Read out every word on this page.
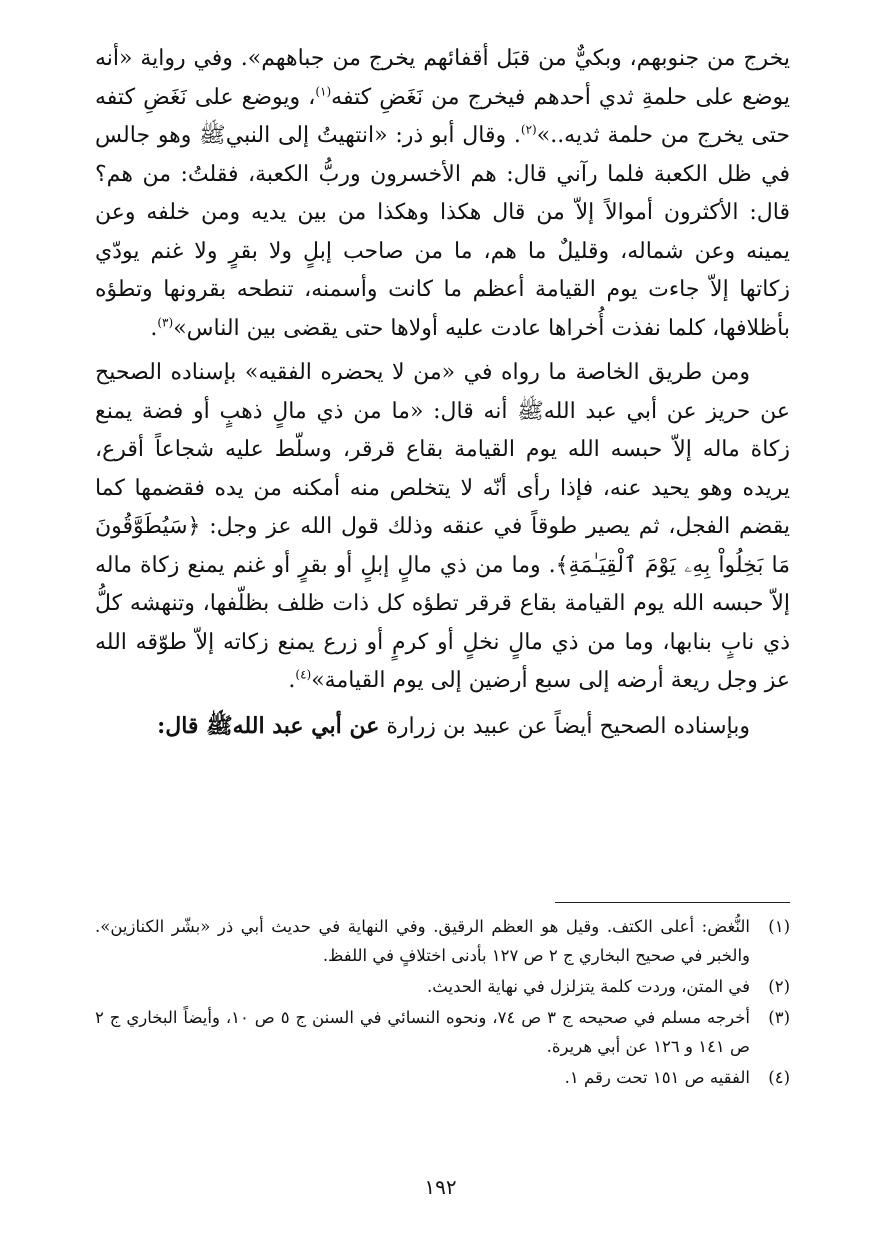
يخرج من جنوبهم، وبكيٌّ من قبَل أقفائهم يخرج من جباههم». وفي رواية «أنه يوضع على حلمةِ ثدي أحدهم فيخرج من نَغَضِ كتفه$^{(١)}$، ويوضع على نَغَضِ كتفه حتى يخرج من حلمة ثديه..»$^{(٢)}$. وقال أبو ذر: «انتهيتُ إلى النبيﷺ وهو جالس في ظل الكعبة فلما رآني قال: هم الأخسرون وربُّ الكعبة، فقلتُ: من هم؟ قال: الأكثرون أموالاً إلاّ من قال هكذا وهكذا من بين يديه ومن خلفه وعن يمينه وعن شماله، وقليلٌ ما هم، ما من صاحب إبلٍ ولا بقرٍ ولا غنم يودّي زكاتها إلاّ جاءت يوم القيامة أعظم ما كانت وأسمنه، تنطحه بقرونها وتطؤه بأظلافها، كلما نفذت أُخراها عادت عليه أولاها حتى يقضى بين الناس»$^{(٣)}$.

ومن طريق الخاصة ما رواه في «من لا يحضره الفقيه» بإسناده الصحيح عن حريز عن أبي عبد اللهﷺ أنه قال: «ما من ذي مالٍ ذهبٍ أو فضة يمنع زكاة ماله إلاّ حبسه الله يوم القيامة بقاع قرقر، وسلّط عليه شجاعاً أقرع، يريده وهو يحيد عنه، فإذا رأى أنّه لا يتخلص منه أمكنه من يده فقضمها كما يقضم الفجل، ثم يصير طوقاً في عنقه وذلك قول الله عز وجل: ﴿سَيُطَوَّقُونَ مَا بَخِلُواْ بِهِۦ يَوْمَ ٱلْقِيَـٰمَةِ﴾. وما من ذي مالٍ إبلٍ أو بقرٍ أو غنم يمنع زكاة ماله إلاّ حبسه الله يوم القيامة بقاع قرقر تطؤه كل ذات ظلف بظلّفها، وتنهشه كلُّ ذي نابٍ بنابها، وما من ذي مالٍ نخلٍ أو كرمٍ أو زرع يمنع زكاته إلاّ طوّقه الله عز وجل ريعة أرضه إلى سبع أرضين إلى يوم القيامة»$^{(٤)}$.

وبإسناده الصحيح أيضاً عن عبيد بن زرارة عن أبي عبد اللهﷺ قال:

(١)
النُّغض: أعلى الكتف. وقيل هو العظم الرقيق. وفي النهاية في حديث أبي ذر «بشّر الكنازين». والخبر في صحيح البخاري ج ٢ ص ١٢٧ بأدنى اختلافٍ في اللفظ.
(٢)
في المتن، وردت كلمة يتزلزل في نهاية الحديث.
(٣)
أخرجه مسلم في صحيحه ج ٣ ص ٧٤، ونحوه النسائي في السنن ج ٥ ص ١٠، وأيضاً البخاري ج ٢ ص ١٤١ و ١٢٦ عن أبي هريرة.
(٤)
الفقيه ص ١٥١ تحت رقم ١.
١٩٢
